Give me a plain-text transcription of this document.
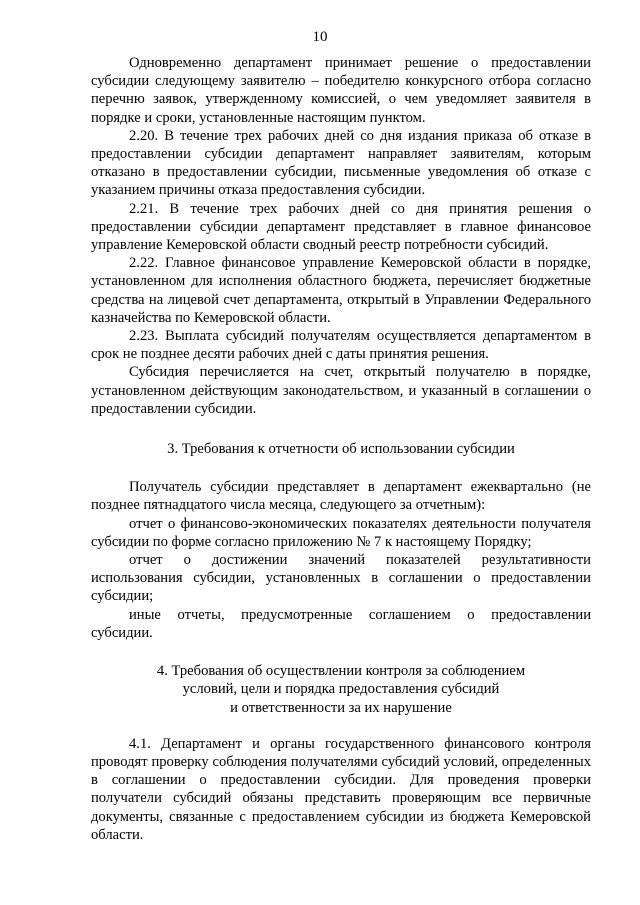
10

Одновременно департамент принимает решение о предоставлении субсидии следующему заявителю – победителю конкурсного отбора согласно перечню заявок, утвержденному комиссией, о чем уведомляет заявителя в порядке и сроки, установленные настоящим пунктом.

2.20. В течение трех рабочих дней со дня издания приказа об отказе в предоставлении субсидии департамент направляет заявителям, которым отказано в предоставлении субсидии, письменные уведомления об отказе с указанием причины отказа предоставления субсидии.

2.21. В течение трех рабочих дней со дня принятия решения о предоставлении субсидии департамент представляет в главное финансовое управление Кемеровской области сводный реестр потребности субсидий.

2.22. Главное финансовое управление Кемеровской области в порядке, установленном для исполнения областного бюджета, перечисляет бюджетные средства на лицевой счет департамента, открытый в Управлении Федерального казначейства по Кемеровской области.

2.23. Выплата субсидий получателям осуществляется департаментом в срок не позднее десяти рабочих дней с даты принятия решения.

Субсидия перечисляется на счет, открытый получателю в порядке, установленном действующим законодательством, и указанный в соглашении о предоставлении субсидии.

3. Требования к отчетности об использовании субсидии

Получатель субсидии представляет в департамент ежеквартально (не позднее пятнадцатого числа месяца, следующего за отчетным):

отчет о финансово-экономических показателях деятельности получателя субсидии по форме согласно приложению № 7 к настоящему Порядку;

отчет о достижении значений показателей результативности использования субсидии, установленных в соглашении о предоставлении субсидии;

иные отчеты, предусмотренные соглашением о предоставлении субсидии.

4. Требования об осуществлении контроля за соблюдением
условий, цели и порядка предоставления субсидий
и ответственности за их нарушение

4.1. Департамент и органы государственного финансового контроля проводят проверку соблюдения получателями субсидий условий, определенных в соглашении о предоставлении субсидии. Для проведения проверки получатели субсидий обязаны представить проверяющим все первичные документы, связанные с предоставлением субсидии из бюджета Кемеровской области.
